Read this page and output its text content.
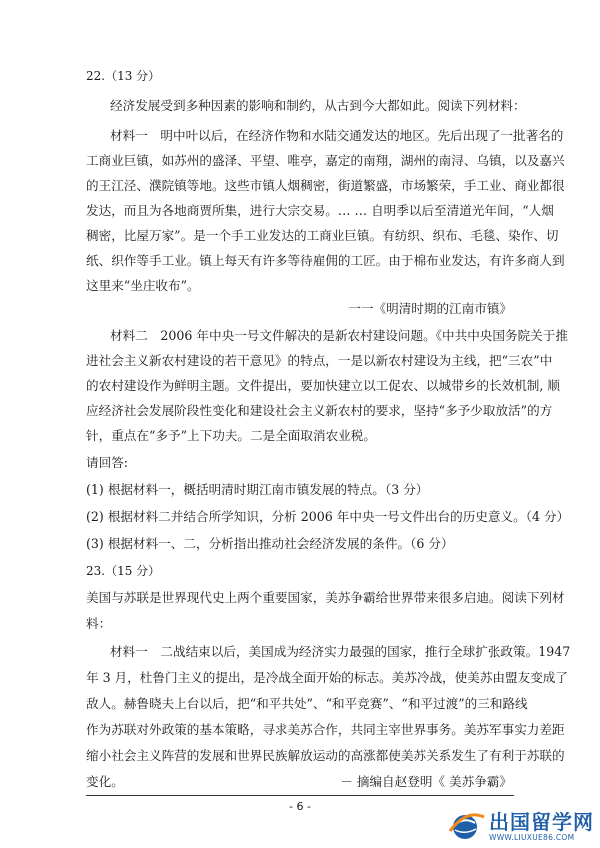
22.（13 分）
经济发展受到多种因素的影响和制约，从古到今大都如此。阅读下列材料：
材料一　明中叶以后，在经济作物和水陆交通发达的地区。先后出现了一批著名的
工商业巨镇，如苏州的盛泽、平望、唯亭，嘉定的南翔，湖州的南浔、乌镇，以及嘉兴
的王江泾、濮院镇等地。这些市镇人烟稠密，街道繁盛，市场繁荣，手工业、商业都很
发达，而且为各地商贾所集，进行大宗交易。… … 自明季以后至清道光年间，“人烟
稠密，比屋万家”。是一个手工业发达的工商业巨镇。有纺织、织布、毛毯、染作、切
纸、织作等手工业。镇上每天有许多等待雇佣的工匠。由于棉布业发达，有许多商人到
这里来“坐庄收布”。
一一《明清时期的江南市镇》
材料二　2006 年中央一号文件解决的是新农村建设问题。《中共中央国务院关于推
进社会主义新农村建设的若干意见》的特点，一是以新农村建设为主线，把“三农”中
的农村建设作为鲜明主题。文件提出，要加快建立以工促农、以城带乡的长效机制, 顺
应经济社会发展阶段性变化和建设社会主义新农村的要求，坚持“多予少取放活”的方
针，重点在“多予”上下功夫。二是全面取消农业税。
请回答:
(1) 根据材料一，概括明清时期江南市镇发展的特点。（3 分）
(2) 根据材料二并结合所学知识，分析 2006 年中央一号文件出台的历史意义。（4 分）
(3) 根据材料一、二，分析指出推动社会经济发展的条件。（6 分）
23.（15 分）
美国与苏联是世界现代史上两个重要国家，美苏争霸给世界带来很多启迪。阅读下列材
料：
材料一　二战结束以后，美国成为经济实力最强的国家，推行全球扩张政策。1947
年 3 月，杜鲁门主义的提出，是冷战全面开始的标志。美苏冷战，使美苏由盟友变成了
敌人。赫鲁晓夫上台以后，把“和平共处”、“和平竞赛”、“和平过渡”的三和路线
作为苏联对外政策的基本策略，寻求美苏合作，共同主宰世界事务。美苏军事实力差距
缩小社会主义阵营的发展和世界民族解放运动的高涨都使美苏关系发生了有利于苏联的
变化。
- 6 -
出国留学网
WWW.LIUXUE86.COM
－ 摘编自赵登明《 美苏争霸》
